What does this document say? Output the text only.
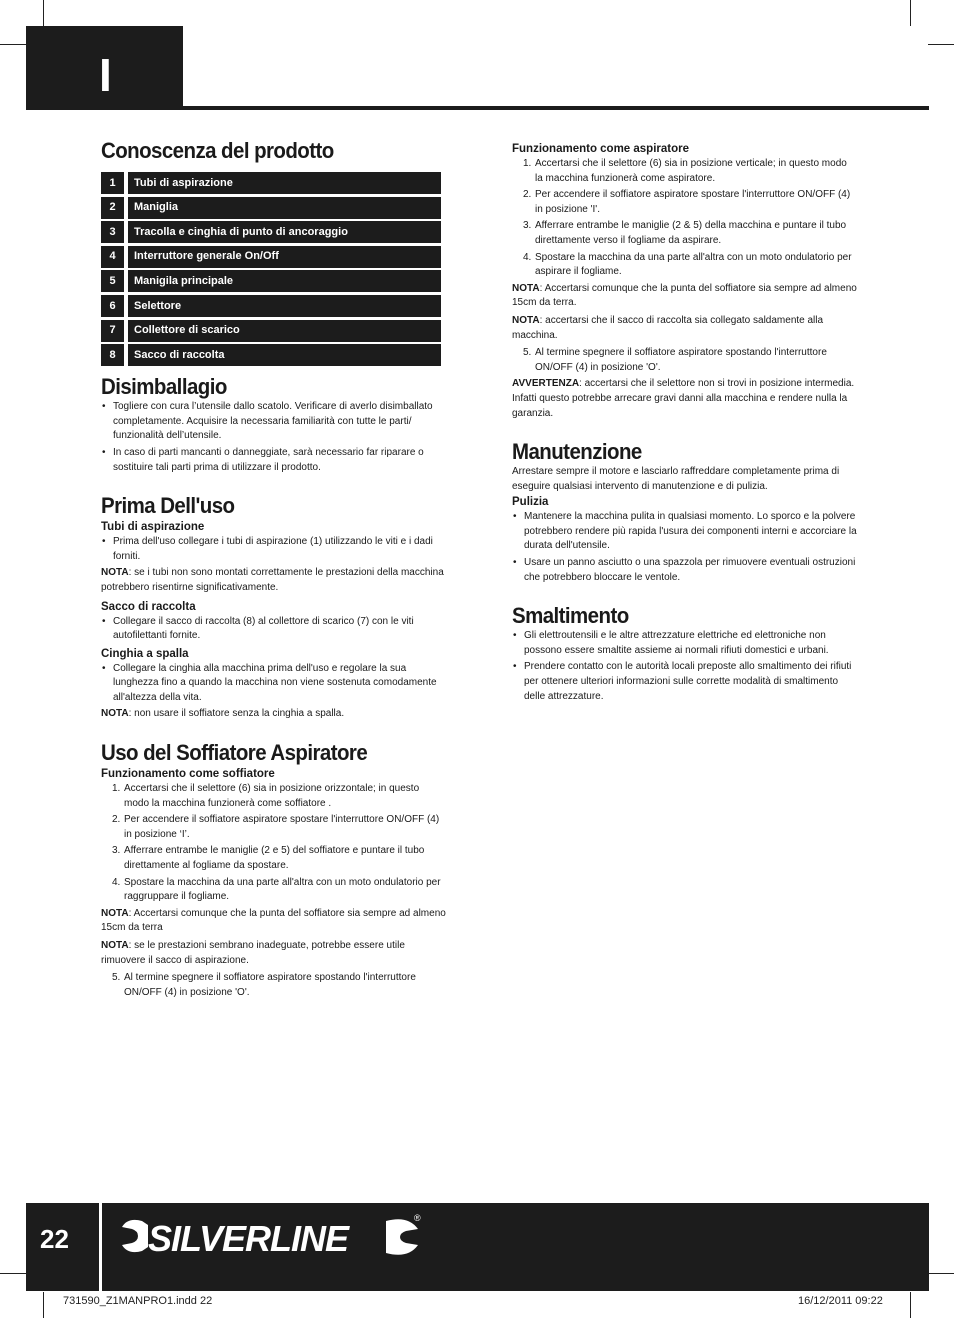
I
Conoscenza del prodotto
1	Tubi di aspirazione
2	Maniglia
3	Tracolla e cinghia di punto di ancoraggio
4	Interruttore generale On/Off
5	Manigila principale
6	Selettore
7	Collettore di scarico
8	Sacco di raccolta
Disimballagio
• Togliere con cura l’utensile dallo scatolo. Verificare di averlo disimballato completamente. Acquisire la necessaria familiarità con tutte le parti/ funzionalità dell’utensile.
• In caso di parti mancanti o danneggiate, sarà necessario far riparare o sostituire tali parti prima di utilizzare il prodotto.
Prima Dell'uso
Tubi di aspirazione
• Prima dell'uso collegare i tubi di aspirazione (1) utilizzando le viti e i dadi forniti.

NOTA: se i tubi non sono montati correttamente le prestazioni della macchina potrebbero risentirne significativamente.

Sacco di raccolta
• Collegare il sacco di raccolta (8) al collettore di scarico (7) con le viti autofilettanti fornite.
Cinghia a spalla
• Collegare la cinghia alla macchina prima dell'uso e regolare la sua lunghezza fino a quando la macchina non viene sostenuta comodamente all'altezza della vita.

NOTA: non usare il soffiatore senza la cinghia a spalla.

Uso del Soffiatore Aspiratore
Funzionamento come soffiatore
1. Accertarsi che il selettore (6) sia in posizione orizzontale; in questo modo la macchina funzionerà come soffiatore .
2. Per accendere il soffiatore aspiratore spostare l'interruttore ON/OFF (4) in posizione ‘I’.
3. Afferrare entrambe le maniglie (2 e 5) del soffiatore e puntare il tubo direttamente al fogliame da spostare.
4. Spostare la macchina da una parte all'altra con un moto ondulatorio per raggruppare il fogliame.

NOTA: Accertarsi comunque che la punta del soffiatore sia sempre ad almeno 15cm da terra

NOTA: se le prestazioni sembrano inadeguate, potrebbe essere utile rimuovere il sacco di aspirazione.

5. Al termine spegnere il soffiatore aspiratore spostando l'interruttore ON/OFF (4) in posizione 'O'.
Funzionamento come aspiratore
1. Accertarsi che il selettore (6) sia in posizione verticale; in questo modo la macchina funzionerà come aspiratore.
2. Per accendere il soffiatore aspiratore spostare l'interruttore ON/OFF (4) in posizione 'I'.
3. Afferrare entrambe le maniglie (2 & 5) della macchina e puntare il tubo direttamente verso il fogliame da aspirare.
4. Spostare la macchina da una parte all'altra con un moto ondulatorio per aspirare il fogliame.

NOTA: Accertarsi comunque che la punta del soffiatore sia sempre ad almeno 15cm da terra.

NOTA: accertarsi che il sacco di raccolta sia collegato saldamente alla macchina.

5. Al termine spegnere il soffiatore aspiratore spostando l'interruttore ON/OFF (4) in posizione 'O'.

AVVERTENZA: accertarsi che il selettore non si trovi in posizione intermedia. Infatti questo potrebbe arrecare gravi danni alla macchina e rendere nulla la garanzia.

Manutenzione

Arrestare sempre il motore e lasciarlo raffreddare completamente prima di eseguire qualsiasi intervento di manutenzione e di pulizia.

Pulizia
• Mantenere la macchina pulita in qualsiasi momento. Lo sporco e la polvere potrebbero rendere più rapida l'usura dei componenti interni e accorciare la durata dell'utensile.
• Usare un panno asciutto o una spazzola per rimuovere eventuali ostruzioni che potrebbero bloccare le ventole.
Smaltimento
• Gli elettroutensili e le altre attrezzature elettriche ed elettroniche non possono essere smaltite assieme ai normali rifiuti domestici e urbani.
• Prendere contatto con le autorità locali preposte allo smaltimento dei rifiuti per ottenere ulteriori informazioni sulle corrette modalità di smaltimento delle attrezzature.
22 SILVERLINE	®
731590_Z1MANPRO1.indd 22	16/12/2011 09:22
